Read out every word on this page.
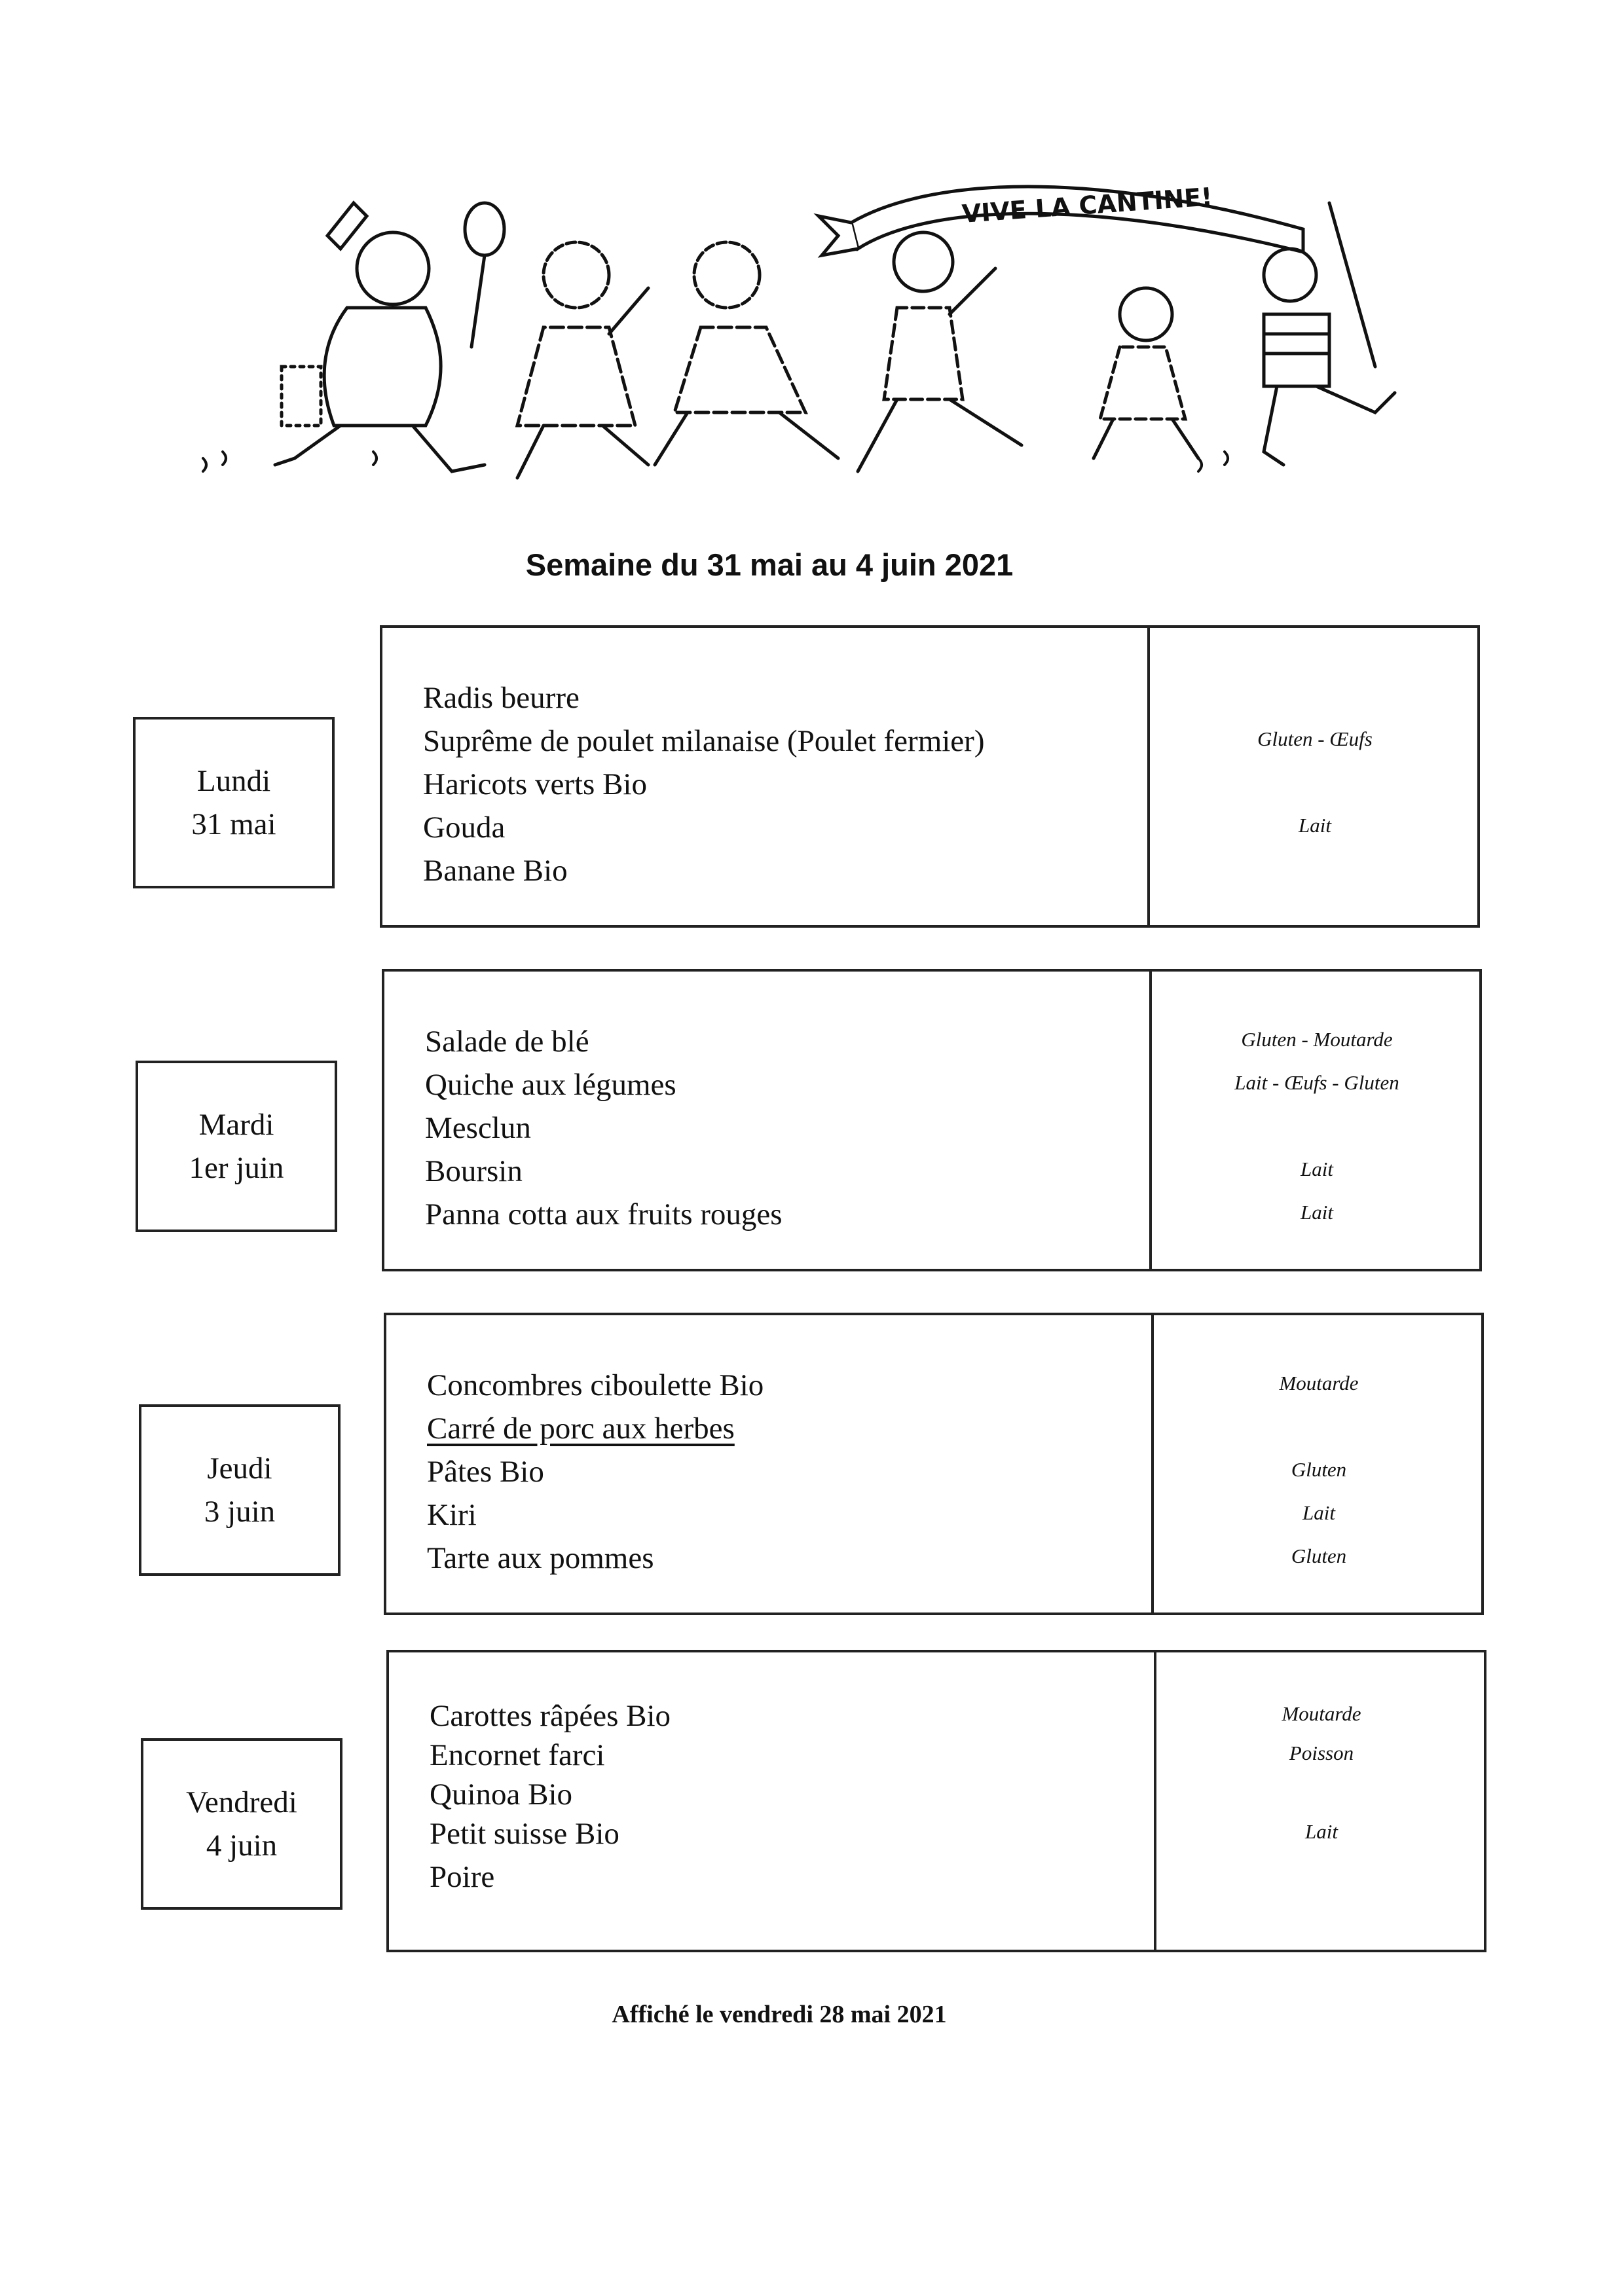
VIVE LA CANTINE!
Semaine du 31 mai au 4 juin 2021
Lundi
31 mai
Radis beurre
Suprême de poulet milanaise (Poulet fermier)
Haricots verts Bio
Gouda
Banane Bio
Gluten - Œufs
Lait
Mardi
1er juin
Salade de blé
Quiche aux légumes
Mesclun
Boursin
Panna cotta aux fruits rouges
Gluten - Moutarde
Lait - Œufs - Gluten
Lait
Lait
Jeudi
3 juin
Concombres ciboulette Bio
Carré de porc aux herbes
Pâtes Bio
Kiri
Tarte aux pommes
Moutarde
Gluten
Lait
Gluten
Vendredi
4 juin
Carottes râpées Bio
Encornet farci
Quinoa Bio
Petit suisse Bio
Poire
Moutarde
Poisson
Lait
Affiché le vendredi 28 mai 2021
